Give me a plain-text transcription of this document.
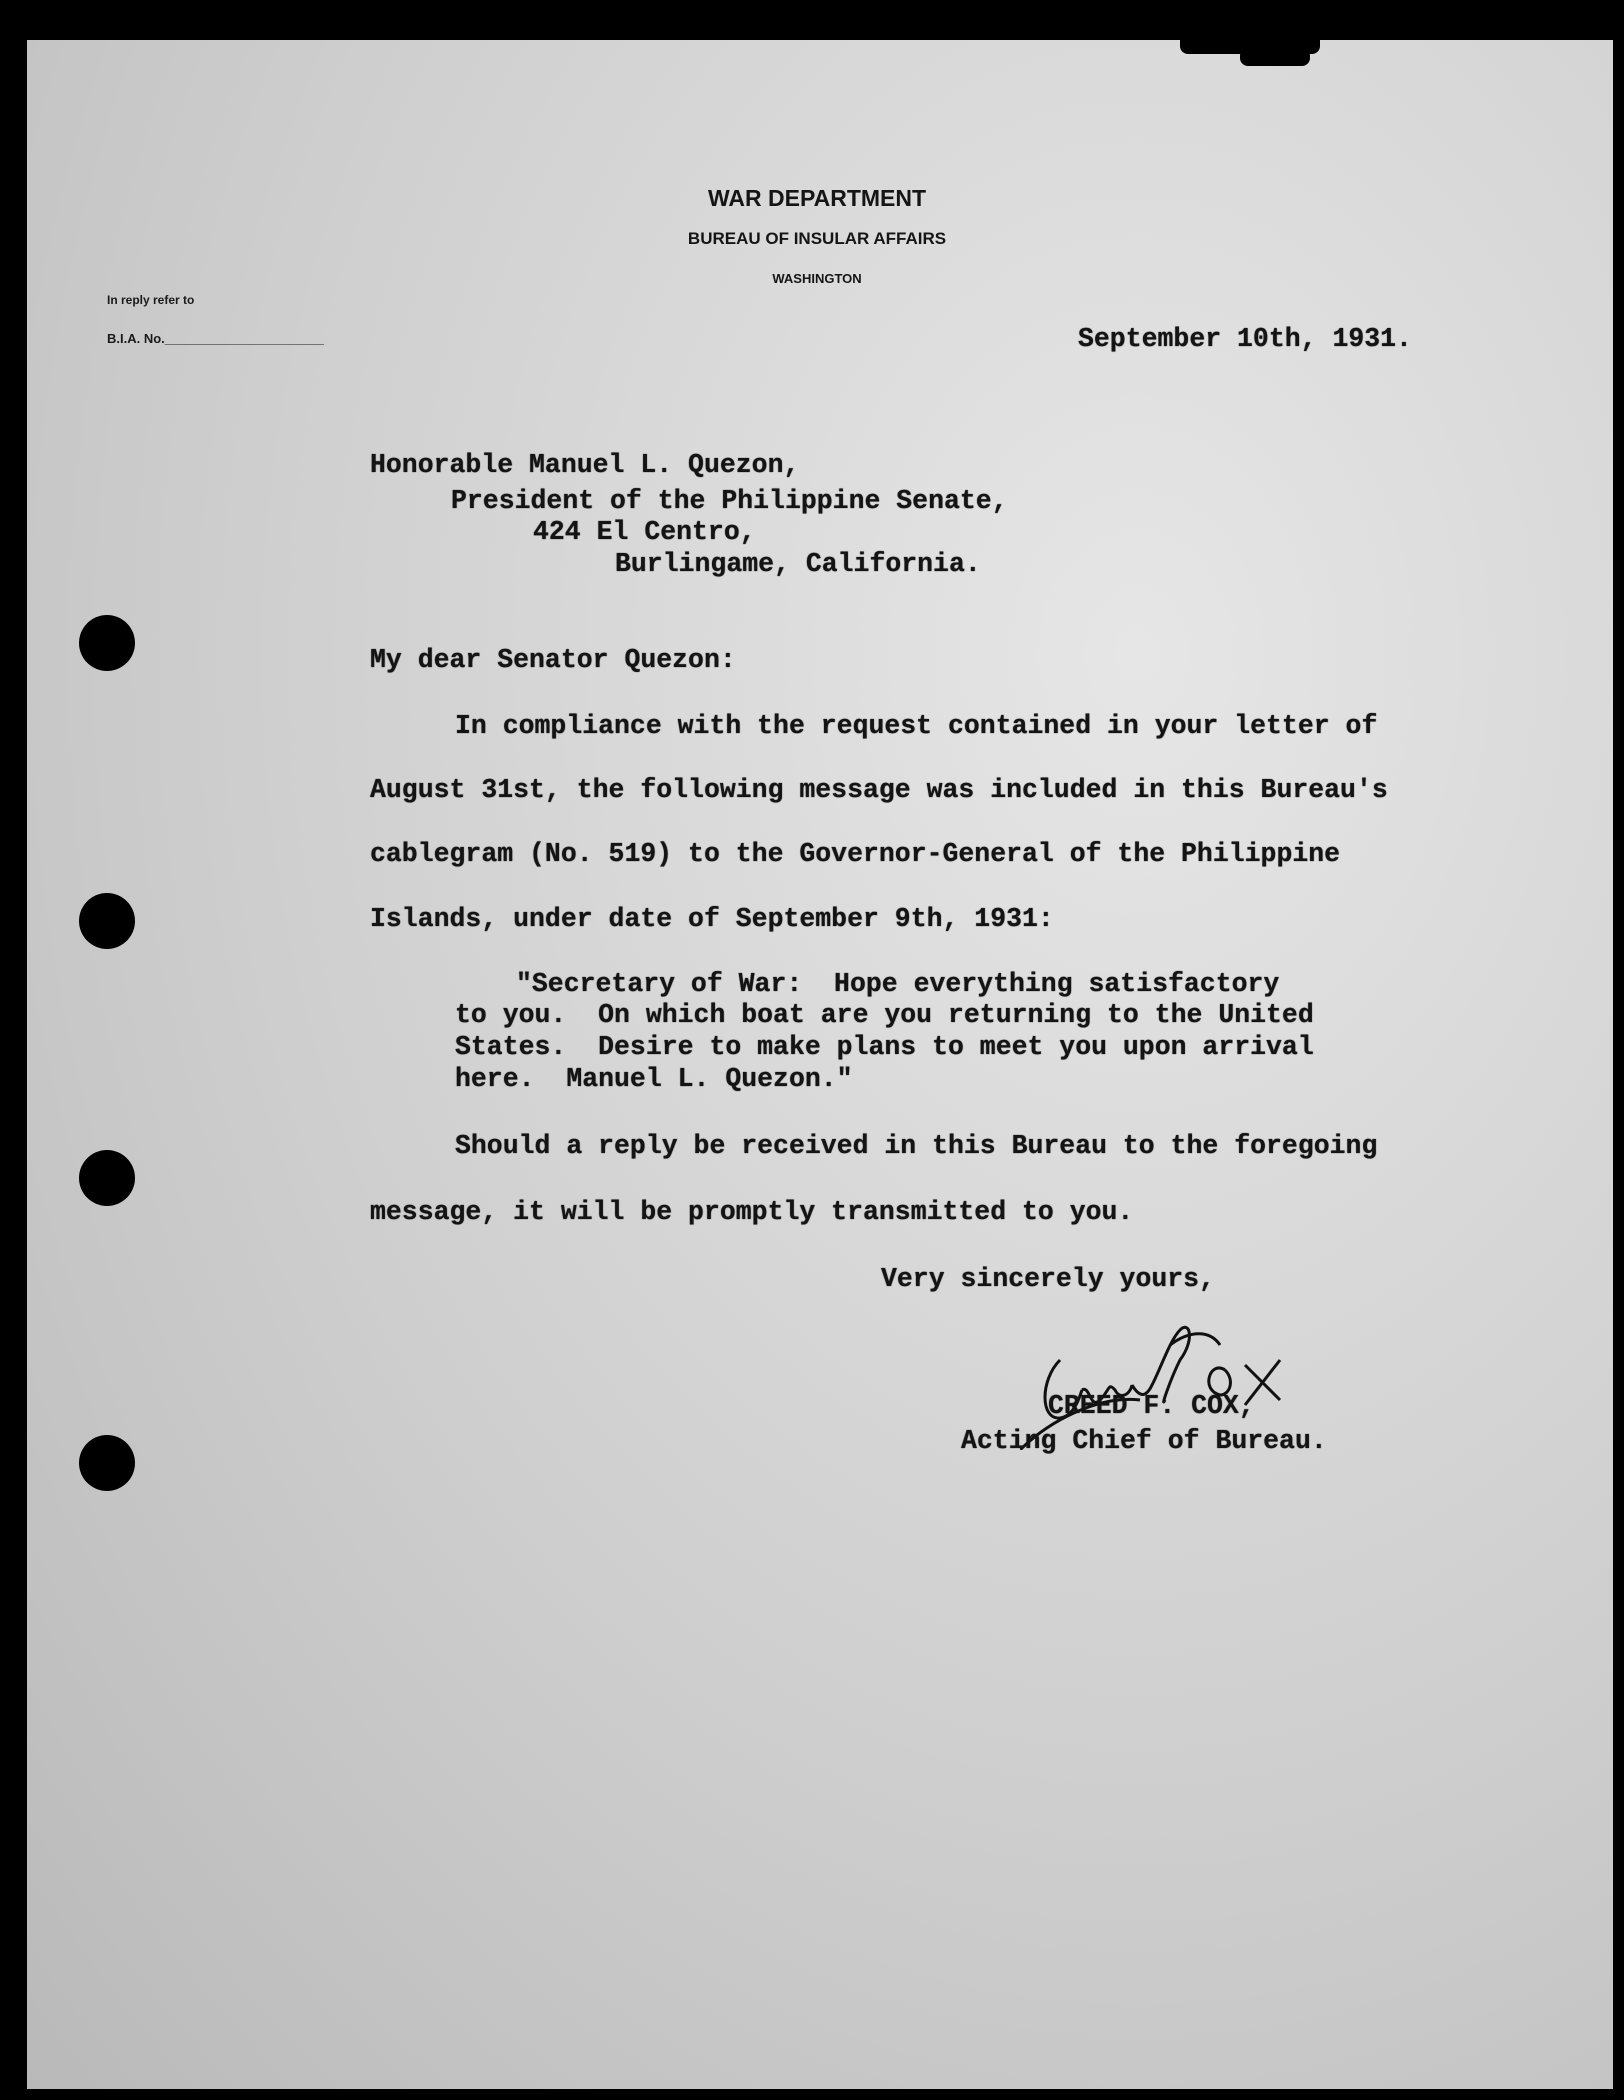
WAR DEPARTMENT
BUREAU OF INSULAR AFFAIRS
WASHINGTON
In reply refer to
B.I.A. No.______________________	September 10th, 1931.
Honorable Manuel L. Quezon,
President of the Philippine Senate,
424 El Centro,
Burlingame, California.
My dear Senator Quezon:
In compliance with the request contained in your letter of
August 31st, the following message was included in this Bureau's
cablegram (No. 519) to the Governor-General of the Philippine
Islands, under date of September 9th, 1931:
"Secretary of War:  Hope everything satisfactory
to you.  On which boat are you returning to the United
States.  Desire to make plans to meet you upon arrival
here.  Manuel L. Quezon."
Should a reply be received in this Bureau to the foregoing
message, it will be promptly transmitted to you.
Very sincerely yours,
CREED F. COX,
Acting Chief of Bureau.
